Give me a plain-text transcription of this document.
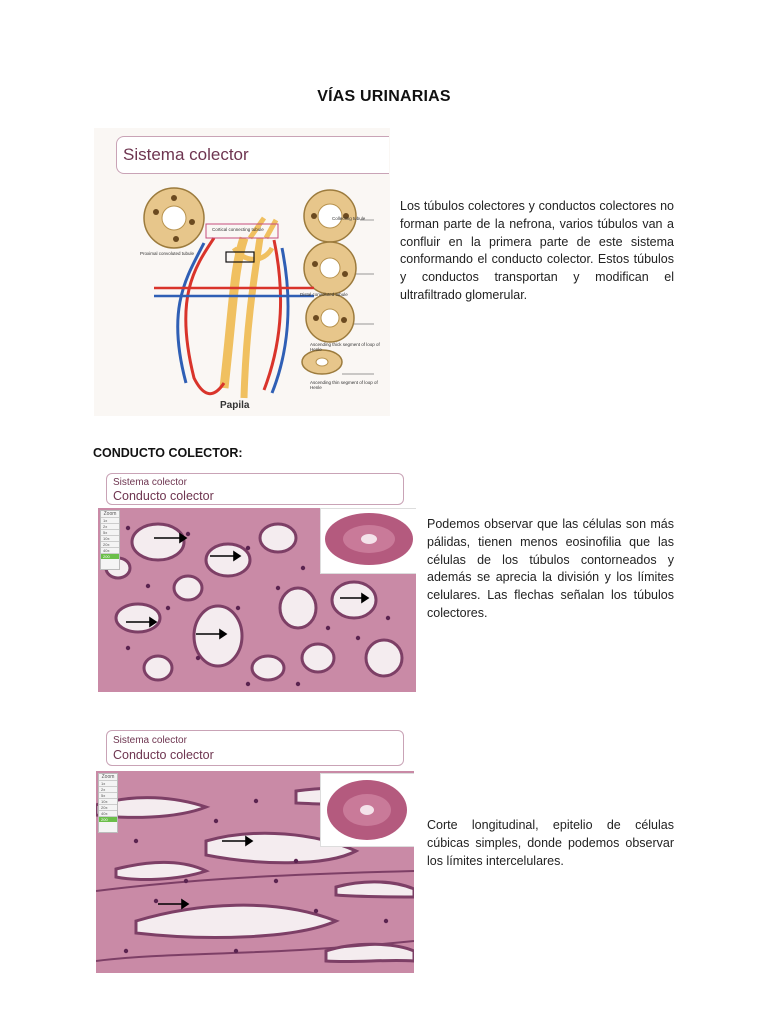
VÍAS URINARIAS
Sistema colector
Cortical connecting tubule
Proximal convoluted tubule
Collecting tubule
Distal convoluted tubule
Ascending thick segment of loop of Henle
Ascending thin segment of loop of Henle
Papila
Los túbulos colectores y conductos colectores no forman parte de la nefrona, varios túbulos van a confluir en la primera parte de este sistema conformando el conducto colector. Estos túbulos y conductos transportan y modifican el ultrafiltrado glomerular.
CONDUCTO COLECTOR:
Sistema colector
Conducto colector
Zoom
1x
2x
5x
10x
20x
40x
200
Podemos observar que las células son más pálidas, tienen menos eosinofilia que las células de los túbulos contorneados y además se aprecia la división y los límites celulares. Las flechas señalan los túbulos colectores.
Sistema colector
Conducto colector
Zoom
1x
2x
5x
10x
20x
40x
200	Corte longitudinal, epitelio de células cúbicas simples, donde podemos observar los límites intercelulares.
